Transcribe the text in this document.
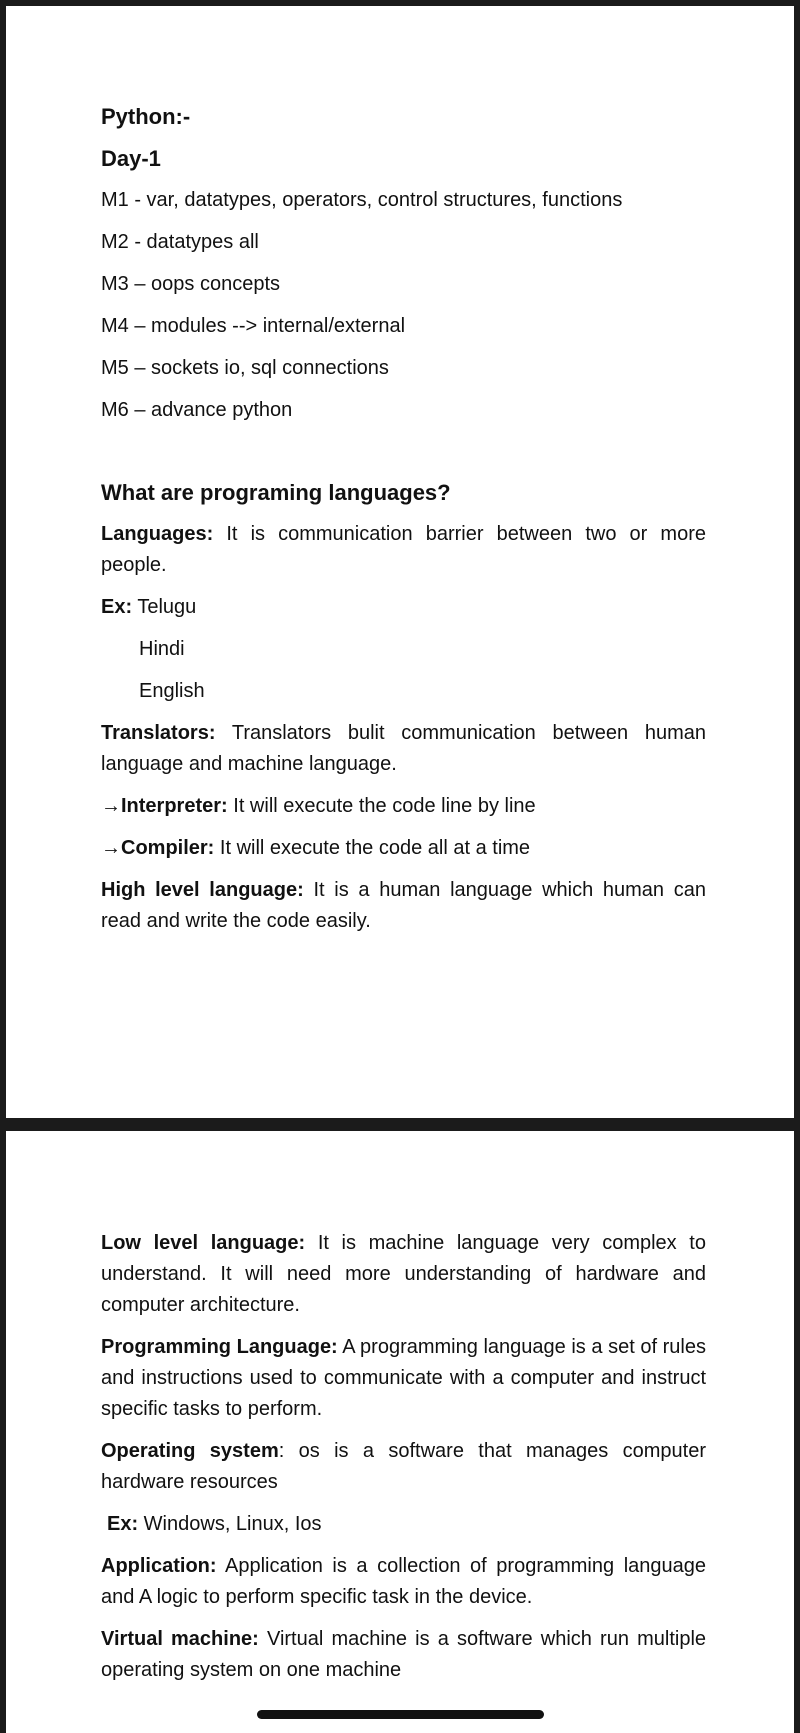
Python:-

Day-1

M1 - var, datatypes, operators, control structures, functions

M2 - datatypes all

M3 – oops concepts

M4 – modules --> internal/external

M5 – sockets io, sql connections

M6 – advance python

What are programing languages?

Languages: It is communication barrier between two or more people.

Ex: Telugu

Hindi

English

Translators: Translators bulit communication between human language and machine language.

→Interpreter: It will execute the code line by line

→Compiler: It will execute the code all at a time

High level language: It is a human language which human can read and write the code easily.

Low level language: It is machine language very complex to understand. It will need more understanding of hardware and computer architecture.

Programming Language: A programming language is a set of rules and instructions used to communicate with a computer and instruct specific tasks to perform.

Operating system: os is a software that manages computer hardware resources

Ex: Windows, Linux, Ios

Application: Application is a collection of programming language and A logic to perform specific task in the device.

Virtual machine: Virtual machine is a software which run multiple operating system on one machine
